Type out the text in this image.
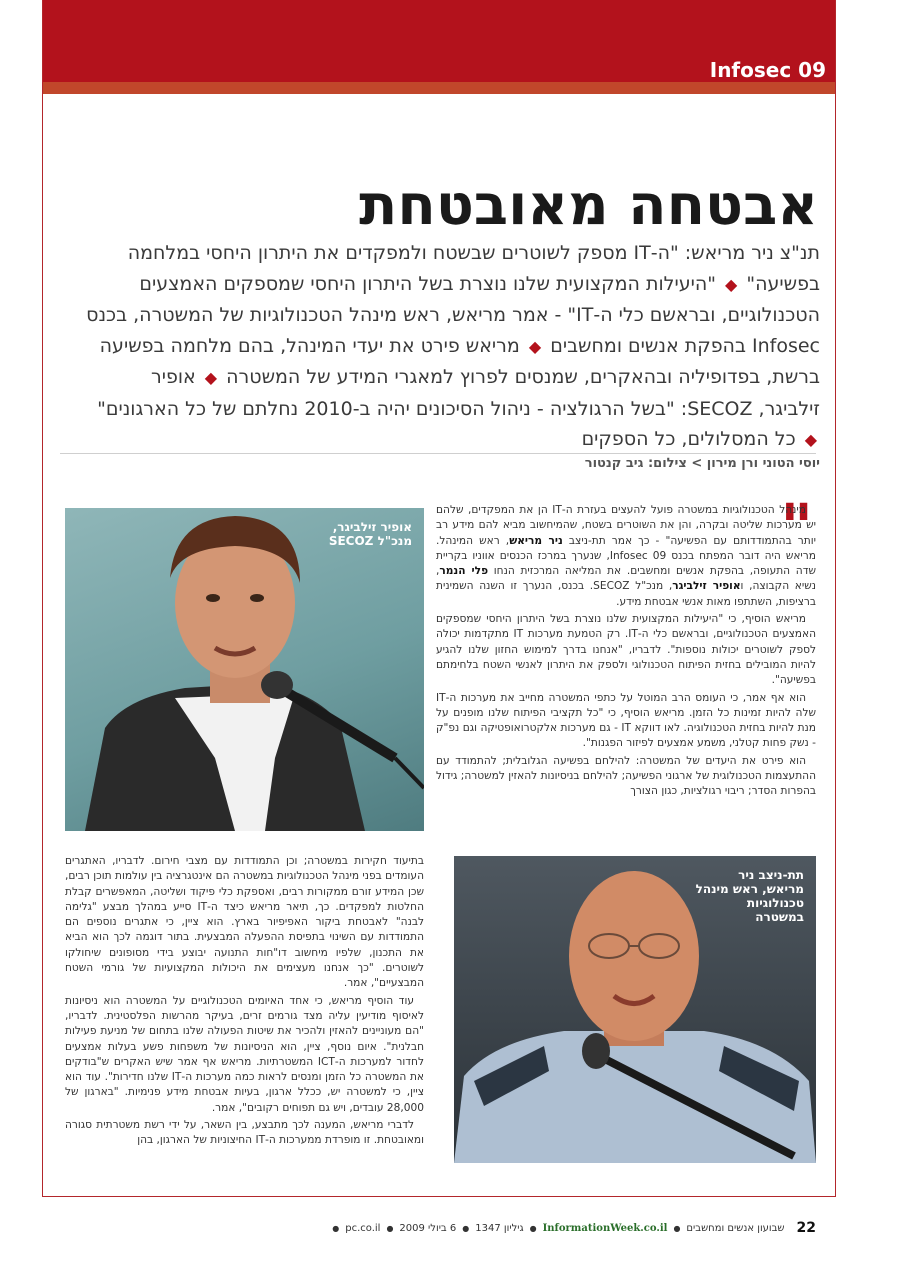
Infosec 09
אבטחה מאובטחת
תנ"צ ניר מריאש: "ה-IT מספק לשוטרים שבשטח ולמפקדים את היתרון היחסי במלחמה בפשיעה" ◆ "היעילות המקצועית שלנו נוצרת בשל היתרון היחסי שמספקים האמצעים הטכנולוגיים, ובראשם כלי ה-IT" - אמר מריאש, ראש מינהל הטכנולוגיות של המשטרה, בכנס Infosec בהפקת אנשים ומחשבים ◆ מריאש פירט את יעדי המינהל, בהם מלחמה בפשיעה ברשת, בפדופיליה ובהאקרים, שמנסים לפרוץ למאגרי המידע של המשטרה ◆ אופיר זילביגר, SECOZ: "בשל הרגולציה - ניהול הסיכונים יהיה ב-2010 נחלתם של כל הארגונים" ◆ כל המסלולים, כל הספקים
יוסי הטוני ורן מירון > צילום: גיב קנטור
אופיר זילביגר,
מנכ"ל SECOZ
תת-ניצב ניר
מריאש, ראש מינהל
טכנולוגיות
במשטרה
"

מינהל הטכנולוגיות במשטרה פועל להעצים בעזרת ה-IT הן את המפקדים, שלהם יש מערכות שליטה ובקרה, והן את השוטרים בשטח, שהמיחשוב מביא להם מידע רב יותר בהתמודדותם עם הפשיעה" - כך אמר תת-ניצב ניר מריאש, ראש המינהל. מריאש היה דובר המפתח בכנס Infosec 09, שנערך במרכז הכנסים אווניו בקריית שדה התעופה, בהפקת אנשים ומחשבים. את המליאה המרכזית הנחו פלי הנמר, נשיא הקבוצה, ואופיר זילביגר, מנכ"ל SECOZ. בכנס, הנערך זו השנה השמינית ברציפות, השתתפו מאות אנשי אבטחת מידע.

מריאש הוסיף, כי "היעילות המקצועית שלנו נוצרת בשל היתרון היחסי שמספקים האמצעים הטכנולוגיים, ובראשם כלי ה-IT. רק הטמעת מערכות IT מתקדמות יכולה לספק לשוטרים יכולות נוספות". לדבריו, "אנחנו בדרך למימוש החזון שלנו להגיע להיות המובילים בחזית הפיתוח הטכנולוגי ולספק את היתרון לאנשי השטח בלחימתם בפשיעה".

הוא אף אמר, כי העומס הרב המוטל על כתפי המשטרה מחייב את מערכות ה-IT שלה להיות זמינות כל הזמן. מריאש הוסיף, כי "כל תקציבי הפיתוח שלנו מופנים על מנת להיות בחזית הטכנולוגיה. לאו דווקא IT - גם מערכות אלקטרואופטיקה וגם נפ"ק - נשק פחות קטלני, משמע אמצעים לפיזור הפגנות".

הוא פירט את היעדים של המשטרה: להילחם בפשיעה הגלובלית; להתמודד עם ההתעצמות הטכנולוגית של ארגוני הפשיעה; להילחם בניסיונות להאזין למשטרה; גידול בהפרות הסדר; ריבוי רגולציות, כגון הצורך

בתיעוד חקירות במשטרה; וכן התמודדות עם מצבי חירום. לדבריו, האתגרים העומדים בפני מינהל הטכנולוגיות במשטרה הם אינטגרציה בין עולמות תוכן רבים, שכן המידע זורם ממקורות רבים, ואספקת כלי פיקוד ושליטה, המאפשרים קבלת החלטות למפקדים. כך, תיאר מריאש כיצד ה-IT סייע במהלך מבצע "גלימה לבנה" לאבטחת ביקור האפיפיור בארץ. הוא ציין, כי אתגרים נוספים הם התמודדות עם השינוי בתפיסת ההפעלה המבצעית. בתור דוגמה לכך הוא הביא את התכנון, שלפיו מיחשוב דו"חות התנועה יבוצע בידי מסופונים שיחולקו לשוטרים. "כך אנחנו מעצימים את היכולות המקצועיות של גורמי השטח המבצעיים", אמר.

עוד הוסיף מריאש, כי אחד האיומים הטכנולוגיים על המשטרה הוא ניסיונות לאיסוף מודיעין עליה מצד גורמים זרים, בעיקר מהרשות הפלסטינית. לדבריו, "הם מעוניינים להאזין ולהכיר את שיטות הפעולה שלנו בתחום של מניעת פעילות חבלנית". איום נוסף, ציין, הוא הניסיונות של משפחות פשע בעלות אמצעים לחדור למערכות ה-ICT המשטרתיות. מריאש אף אמר שיש האקרים ש"בודקים את המשטרה כל הזמן ומנסים לראות כמה מערכות ה-IT שלנו חדירות". עוד הוא ציין, כי למשטרה יש, ככלל ארגון, בעיות אבטחת מידע פנימיות. "בארגון של 28,000 עובדים, ויש גם תפוחים רקובים", אמר.

לדברי מריאש, המענה לכך מתבצע, בין השאר, על ידי רשת משטרתית סגורה ומאובטחת. זו מופרדת ממערכות ה-IT החיצוניות של הארגון, בהן

22
שבועון אנשים ומחשבים
●
InformationWeek.co.il
●
גיליון 1347
●
6 ביולי 2009
●
pc.co.il
●
